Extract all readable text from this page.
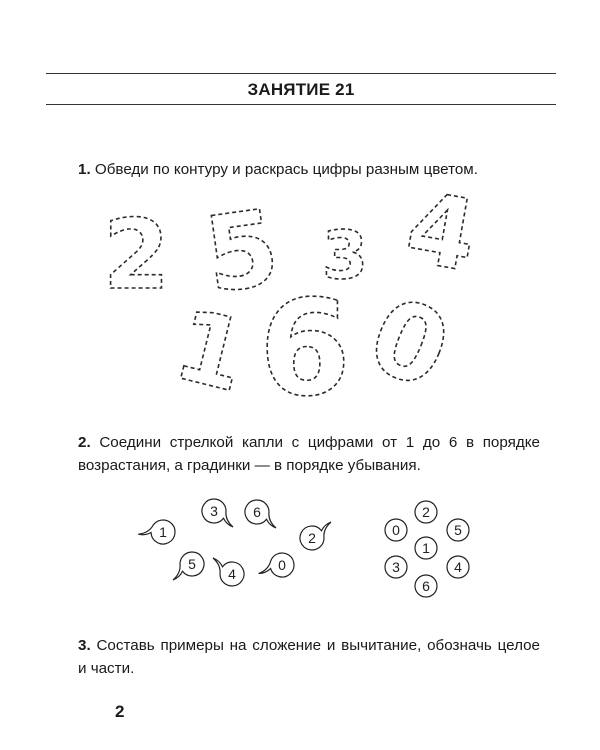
ЗАНЯТИЕ 21
1. Обведи по контуру и раскрась цифры разным цветом.
2 5 3 4
1 6 0
2. Соедини стрелкой капли с цифрами от 1 до 6 в порядке возрастания, а градинки — в порядке убывания.
3	6
1	2
5
4
0
2
0	5
1
3	4
6
3. Составь примеры на сложение и вычитание, обозначь целое и части.
2
